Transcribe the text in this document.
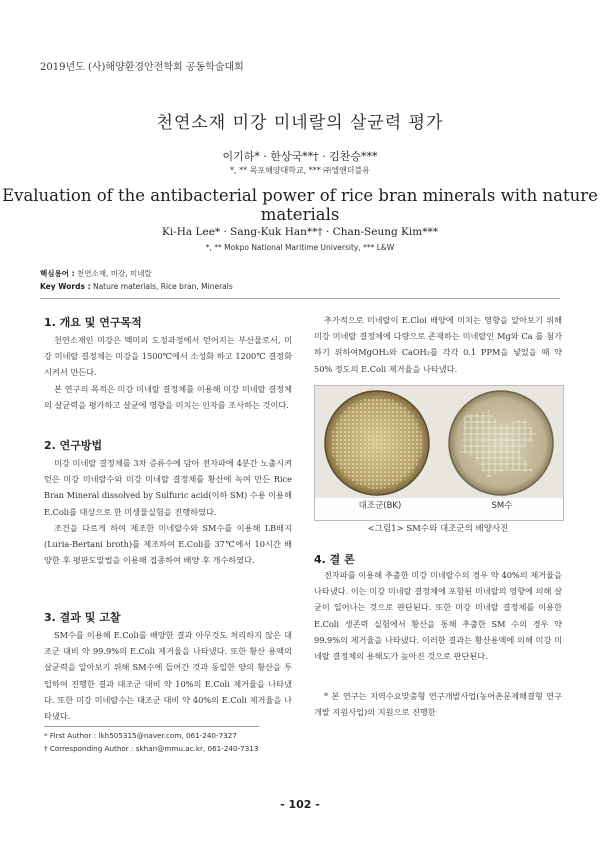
2019년도 (사)해양환경안전학회 공동학술대회
천연소재 미강 미네랄의 살균력 평가
이기하* · 한상국**† · 김찬승***
*, ** 목포해양대학교, *** ㈜엘앤더블유
Evaluation of the antibacterial power of rice bran minerals with nature materials
Ki-Ha Lee* · Sang-Kuk Han**† · Chan-Seung Kim***
*, ** Mokpo National Maritime University, *** L&W
핵심용어 : 천연소재, 미강, 미네랄
Key Words : Nature materials, Rice bran, Minerals
1. 개요 및 연구목적

천연소재인 미강은 백미의 도정과정에서 얻어지는 부산물로서, 미강 미네랄 결정체는 미강을 1500℃에서 소성화 하고 1200℃ 결정화 시켜서 만든다.

본 연구의 목적은 미강 미네랄 결정체를 이용해 미강 미네랄 결정체의 살균력을 평가하고 살균에 영향을 미치는 인자를 조사하는 것이다.

2. 연구방법

미강 미네랄 결정체를 3차 증류수에 담아 전자파에 4분간 노출시켜 얻은 미강 미네랄수와 미강 미네랄 결정체를 황산에 녹여 만든 Rice Bran Mineral dissolved by Sulfuric acid(이하 SM) 수용 이용해 E.Coli를 대상으로 한 미생물실험을 진행하였다.

조건을 다르게 하여 제조한 미네랄수와 SM수를 이용해 LB배지(Luria-Bertani broth)를 제조하여 E.Coli를 37℃에서 10시간 배양한 후 평판도말법을 이용해 접종하여 배양 후 개수하였다.

3. 결과 및 고찰

SM수를 이용해 E.Coli를 배양한 결과 아무것도 처리하지 않은 대조군 대비 약 99.9%의 E.Coli 제거율을 나타냈다. 또한 황산 용액의 살균력을 알아보기 위해 SM수에 들어간 것과 동일한 양의 황산을 투입하여 진행한 결과 대조군 대비 약 10%의 E.Coli 제거율을 나타냈다. 또한 미강 미네랄수는 대조군 대비 약 40%의 E.Coli 제거율을 나타냈다.

* First Author : lkh505315@naver.com, 061-240-7327
† Corresponding Author : skhan@mmu.ac.kr, 061-240-7313

추가적으로 미네랄이 E.Cloi 배양에 미치는 영향을 알아보기 위해 미강 미네랄 결정체에 다량으로 존재하는 미네랄인 Mg와 Ca 를 첨가하기 위하여MgOH₂와 CaOH₂를 각각 0.1 PPM을 넣었을 때 약 50% 정도의 E.Coli 제거율을 나타냈다.

대조군(BK)	SM수
<그림1> SM수와 대조군의 배양사진
4. 결 론

전자파를 이용해 추출한 미강 미네랄수의 경우 약 40%의 제거율을 나타냈다. 이는 미강 미네랄 결정체에 포함된 미네랄의 영향에 의해 살균이 일어나는 것으로 판단된다. 또한 미강 미네랄 결정체를 이용한 E.Coli 생존력 실험에서 황산을 통해 추출한 SM 수의 경우 약 99.9%의 제거율을 나타냈다. 이러한 결과는 황산용액에 의해 미강 미네랄 결정체의 용해도가 높아진 것으로 판단된다.

* 본 연구는 지역수요맞춤형 연구개발사업(농어촌문제해결형 연구개발 지원사업)의 지원으로 진행한

- 102 -
